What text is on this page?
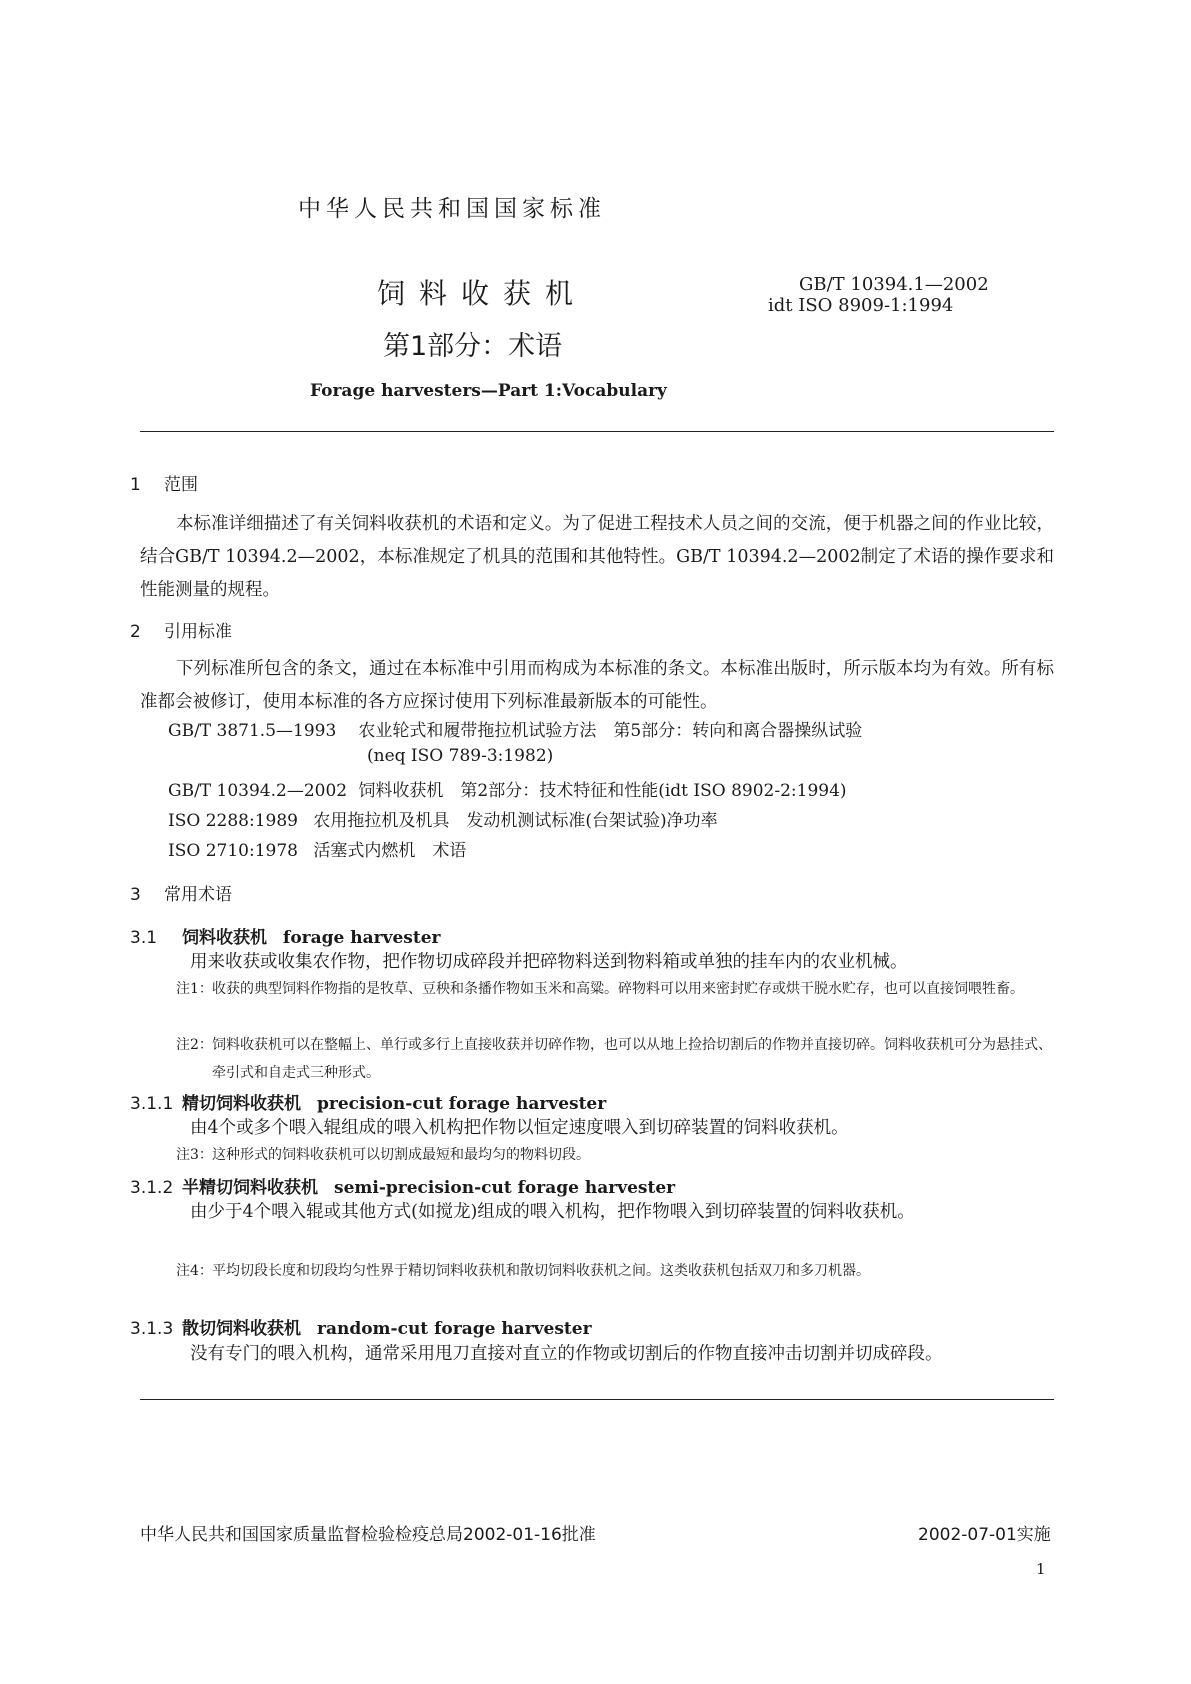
中华人民共和国国家标准
饲料收获机
第1部分：术语
GB/T 10394.1—2002
idt ISO 8909-1:1994
Forage harvesters—Part 1:Vocabulary
1 范围

本标准详细描述了有关饲料收获机的术语和定义。为了促进工程技术人员之间的交流，便于机器之间的作业比较，结合GB/T 10394.2—2002，本标准规定了机具的范围和其他特性。GB/T 10394.2—2002制定了术语的操作要求和性能测量的规程。

2 引用标准

下列标准所包含的条文，通过在本标准中引用而构成为本标准的条文。本标准出版时，所示版本均为有效。所有标准都会被修订，使用本标准的各方应探讨使用下列标准最新版本的可能性。

GB/T 3871.5—1993 农业轮式和履带拖拉机试验方法　第5部分：转向和离合器操纵试验
(neq ISO 789-3:1982)
GB/T 10394.2—2002 饲料收获机　第2部分：技术特征和性能(idt ISO 8902-2:1994)
ISO 2288:1989 农用拖拉机及机具　发动机测试标准(台架试验)净功率
ISO 2710:1978 活塞式内燃机　术语
3 常用术语
3.1 饲料收获机 forage harvester
用来收获或收集农作物，把作物切成碎段并把碎物料送到物料箱或单独的挂车内的农业机械。
注1： 收获的典型饲料作物指的是牧草、豆秧和条播作物如玉米和高粱。碎物料可以用来密封贮存或烘干脱水贮存，也可以直接饲喂牲畜。
注2： 饲料收获机可以在整幅上、单行或多行上直接收获并切碎作物，也可以从地上捡拾切割后的作物并直接切碎。饲料收获机可分为悬挂式、牵引式和自走式三种形式。
3.1.1 精切饲料收获机 precision-cut forage harvester
由4个或多个喂入辊组成的喂入机构把作物以恒定速度喂入到切碎装置的饲料收获机。
注3： 这种形式的饲料收获机可以切割成最短和最均匀的物料切段。
3.1.2 半精切饲料收获机 semi-precision-cut forage harvester
由少于4个喂入辊或其他方式(如搅龙)组成的喂入机构，把作物喂入到切碎装置的饲料收获机。
注4： 平均切段长度和切段均匀性界于精切饲料收获机和散切饲料收获机之间。这类收获机包括双刀和多刀机器。
3.1.3 散切饲料收获机 random-cut forage harvester
没有专门的喂入机构，通常采用甩刀直接对直立的作物或切割后的作物直接冲击切割并切成碎段。
中华人民共和国国家质量监督检验检疫总局2002-01-16批准	2002-07-01实施
1
